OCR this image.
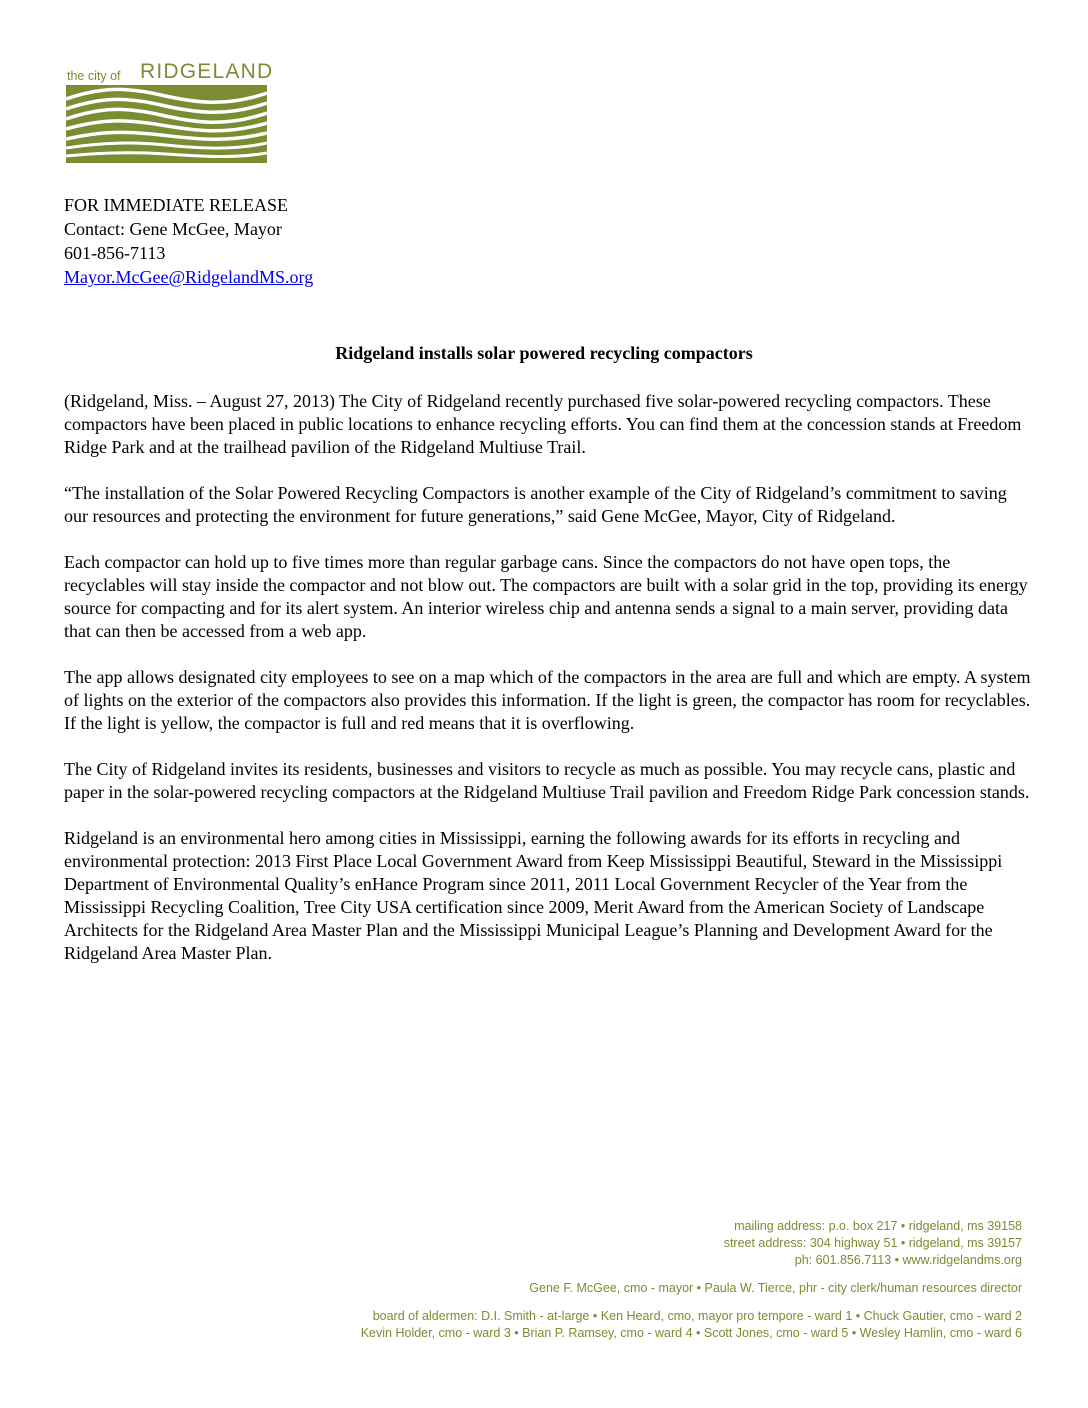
the city of RIDGELAND
FOR IMMEDIATE RELEASE
Contact: Gene McGee, Mayor
601-856-7113
Mayor.McGee@RidgelandMS.org
Ridgeland installs solar powered recycling compactors

(Ridgeland, Miss. – August 27, 2013) The City of Ridgeland recently purchased five solar-powered recycling compactors. These compactors have been placed in public locations to enhance recycling efforts. You can find them at the concession stands at Freedom Ridge Park and at the trailhead pavilion of the Ridgeland Multiuse Trail.

“The installation of the Solar Powered Recycling Compactors is another example of the City of Ridgeland’s commitment to saving our resources and protecting the environment for future generations,” said Gene McGee, Mayor, City of Ridgeland.

Each compactor can hold up to five times more than regular garbage cans. Since the compactors do not have open tops, the recyclables will stay inside the compactor and not blow out. The compactors are built with a solar grid in the top, providing its energy source for compacting and for its alert system. An interior wireless chip and antenna sends a signal to a main server, providing data that can then be accessed from a web app.

The app allows designated city employees to see on a map which of the compactors in the area are full and which are empty. A system of lights on the exterior of the compactors also provides this information. If the light is green, the compactor has room for recyclables. If the light is yellow, the compactor is full and red means that it is overflowing.

The City of Ridgeland invites its residents, businesses and visitors to recycle as much as possible. You may recycle cans, plastic and paper in the solar-powered recycling compactors at the Ridgeland Multiuse Trail pavilion and Freedom Ridge Park concession stands.

Ridgeland is an environmental hero among cities in Mississippi, earning the following awards for its efforts in recycling and environmental protection: 2013 First Place Local Government Award from Keep Mississippi Beautiful, Steward in the Mississippi Department of Environmental Quality’s enHance Program since 2011, 2011 Local Government Recycler of the Year from the Mississippi Recycling Coalition, Tree City USA certification since 2009, Merit Award from the American Society of Landscape Architects for the Ridgeland Area Master Plan and the Mississippi Municipal League’s Planning and Development Award for the Ridgeland Area Master Plan.

mailing address: p.o. box 217 • ridgeland, ms 39158
street address: 304 highway 51 • ridgeland, ms 39157
ph: 601.856.7113 • www.ridgelandms.org
Gene F. McGee, cmo - mayor • Paula W. Tierce, phr - city clerk/human resources director
board of aldermen: D.I. Smith - at-large • Ken Heard, cmo, mayor pro tempore - ward 1 • Chuck Gautier, cmo - ward 2
Kevin Holder, cmo - ward 3 • Brian P. Ramsey, cmo - ward 4 • Scott Jones, cmo - ward 5 • Wesley Hamlin, cmo - ward 6
